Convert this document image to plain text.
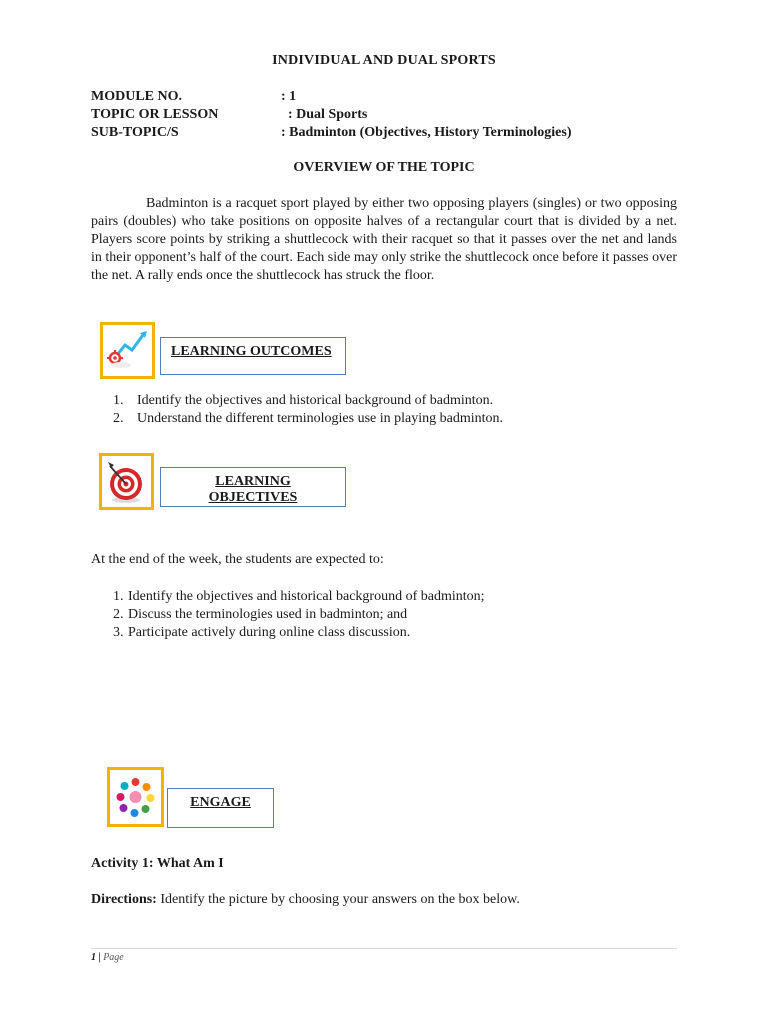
INDIVIDUAL AND DUAL SPORTS
MODULE NO.	: 1
TOPIC OR LESSON	: Dual Sports
SUB-TOPIC/S	: Badminton (Objectives, History Terminologies)
OVERVIEW OF THE TOPIC
Badminton is a racquet sport played by either two opposing players (singles) or two opposing pairs (doubles) who take positions on opposite halves of a rectangular court that is divided by a net. Players score points by striking a shuttlecock with their racquet so that it passes over the net and lands in their opponent’s half of the court. Each side may only strike the shuttlecock once before it passes over the net. A rally ends once the shuttlecock has struck the floor.
LEARNING OUTCOMES
1. Identify the objectives and historical background of badminton.
2. Understand the different terminologies use in playing badminton.
LEARNING OBJECTIVES
At the end of the week, the students are expected to:
1. Identify the objectives and historical background of badminton;
2. Discuss the terminologies used in badminton; and
3. Participate actively during online class discussion.
ENGAGE
Activity 1: What Am I
Directions: Identify the picture by choosing your answers on the box below.
1 | Page
